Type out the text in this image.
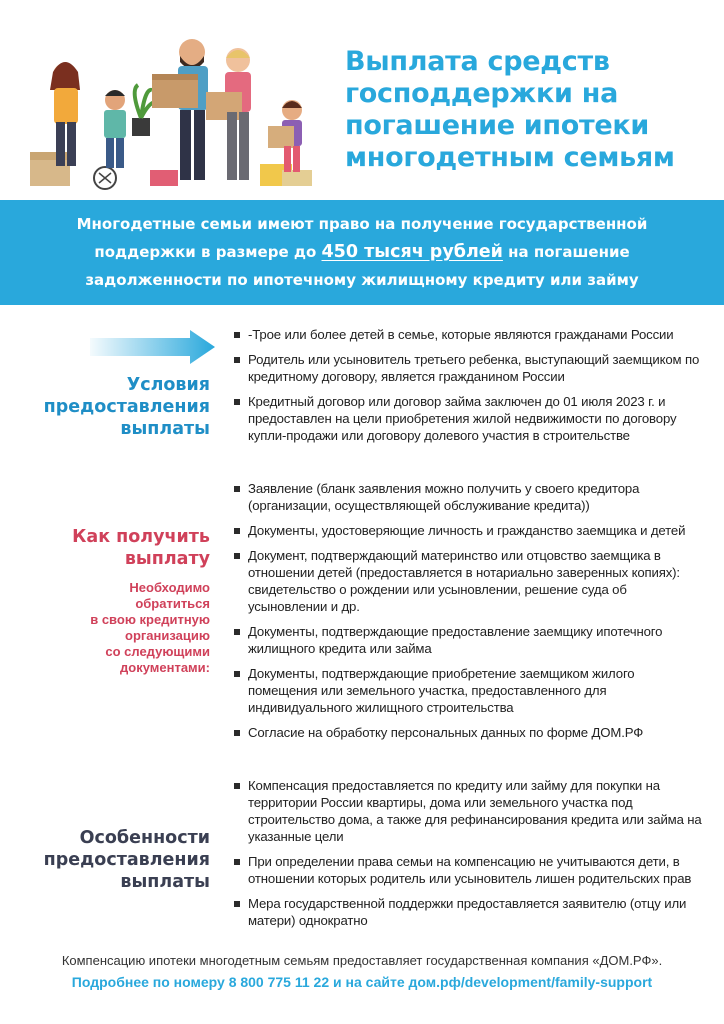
Выплата средств
господдержки на
погашение ипотеки
многодетным семьям
Многодетные семьи имеют право на получение государственной
поддержки в размере до 450 тысяч рублей на погашение
задолженности по ипотечному жилищному кредиту или займу
Условия
предоставления
выплаты
-Трое или более детей в семье, которые являются гражданами России
Родитель или усыновитель третьего ребенка, выступающий заемщиком по кредитному договору, является гражданином России
Кредитный договор или договор займа заключен до 01 июля 2023 г. и предоставлен на цели приобретения жилой недвижимости по договору купли-продажи или договору долевого участия в строительстве
Как получить
выплату
Необходимо
обратиться
в свою кредитную
организацию
со следующими
документами:
Заявление (бланк заявления можно получить у своего кредитора (организации, осуществляющей обслуживание кредита))
Документы, удостоверяющие личность и гражданство заемщика и детей
Документ, подтверждающий материнство или отцовство заемщика в отношении детей (предоставляется в нотариально заверенных копиях): свидетельство о рождении или усыновлении, решение суда об усыновлении и др.
Документы, подтверждающие предоставление заемщику ипотечного жилищного кредита или займа
Документы, подтверждающие приобретение заемщиком жилого помещения или земельного участка, предоставленного для индивидуального жилищного строительства
Согласие на обработку персональных данных по форме ДОМ.РФ
Особенности
предоставления
выплаты
Компенсация предоставляется по кредиту или займу для покупки на территории России квартиры, дома или земельного участка под строительство дома, а также для рефинансирования кредита или займа на указанные цели
При определении права семьи на компенсацию не учитываются дети, в отношении которых родитель или усыновитель лишен родительских прав
Мера государственной поддержки предоставляется заявителю (отцу или матери) однократно
Компенсацию ипотеки многодетным семьям предоставляет государственная компания «ДОМ.РФ».
Подробнее по номеру 8 800 775 11 22 и на сайте дом.рф/development/family-support
